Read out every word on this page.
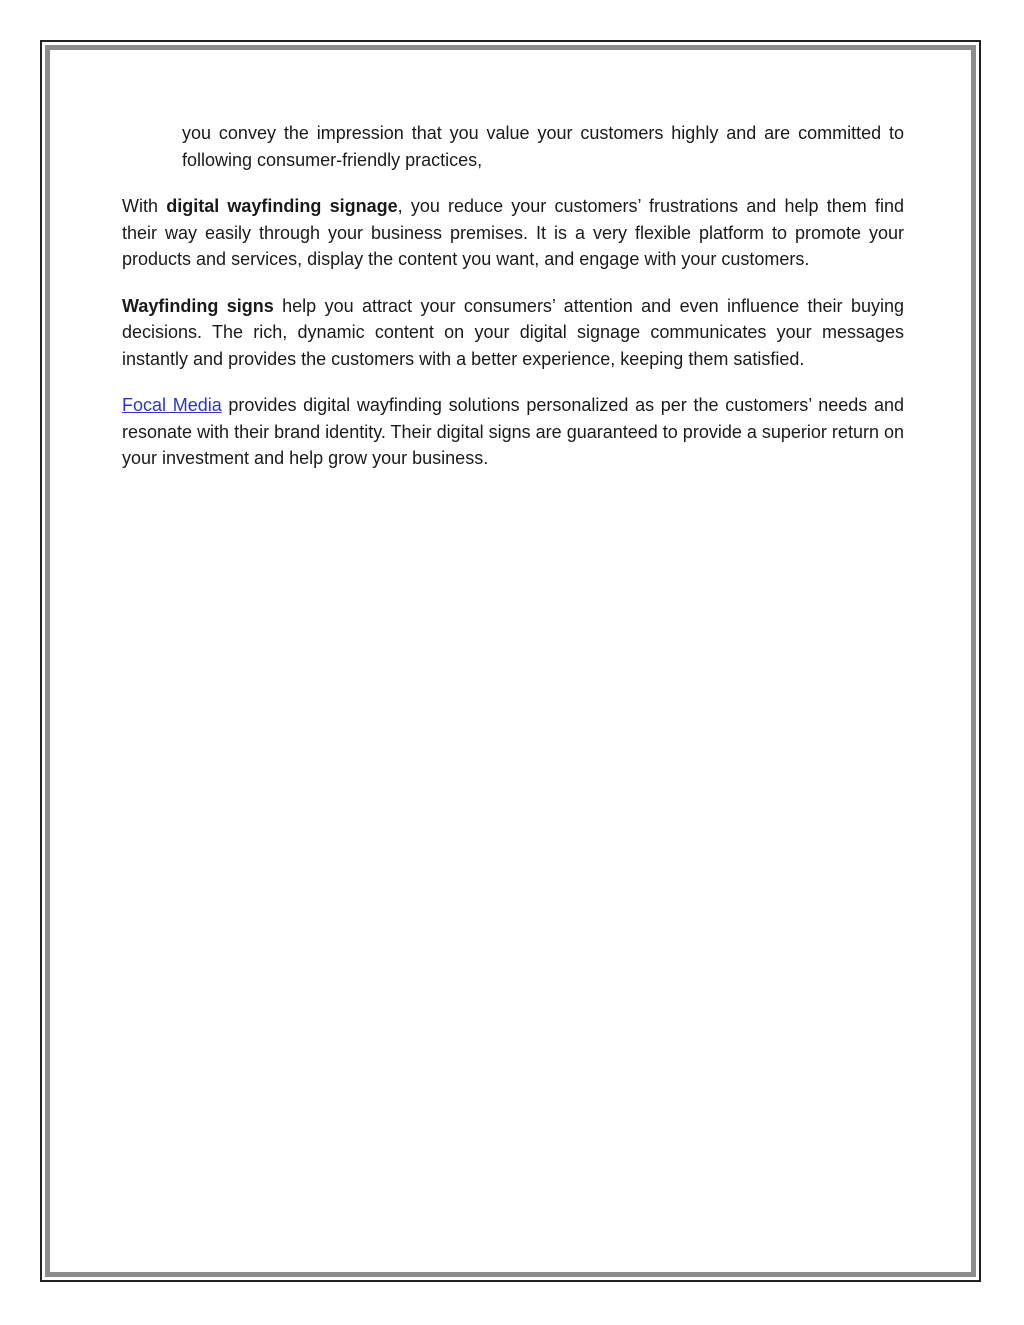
you convey the impression that you value your customers highly and are committed to following consumer-friendly practices,

With digital wayfinding signage, you reduce your customers’ frustrations and help them find their way easily through your business premises. It is a very flexible platform to promote your products and services, display the content you want, and engage with your customers.

Wayfinding signs help you attract your consumers’ attention and even influence their buying decisions. The rich, dynamic content on your digital signage communicates your messages instantly and provides the customers with a better experience, keeping them satisfied.

Focal Media provides digital wayfinding solutions personalized as per the customers’ needs and resonate with their brand identity. Their digital signs are guaranteed to provide a superior return on your investment and help grow your business.
